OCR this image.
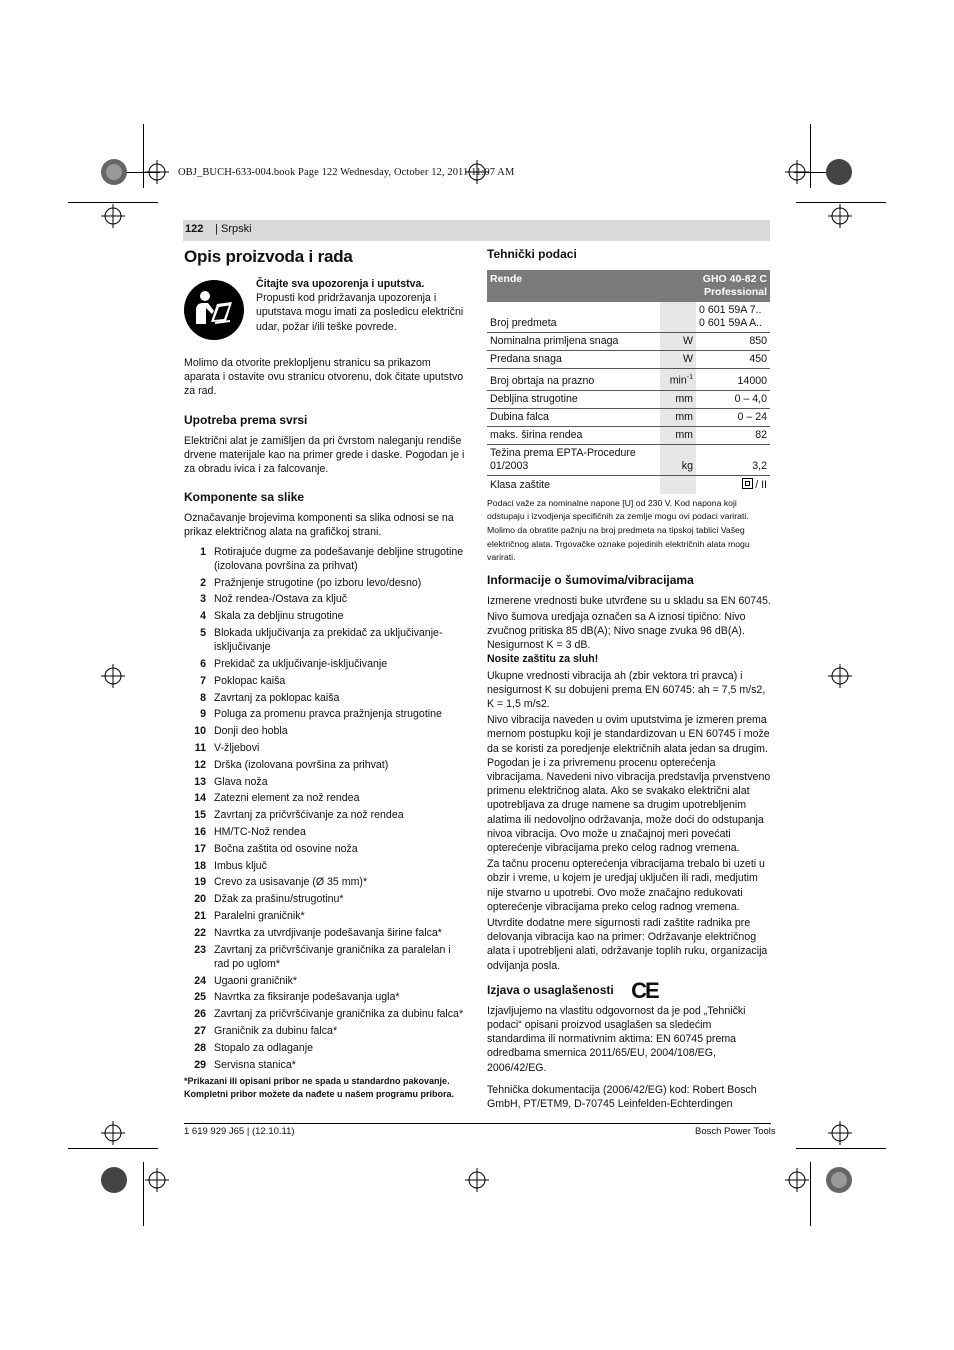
OBJ_BUCH-633-004.book Page 122 Wednesday, October 12, 2011 11:07 AM
122 | Srpski
Opis proizvoda i rada
Čitajte sva upozorenja i uputstva. Propusti kod pridržavanja upozorenja i uputstava mogu imati za posledicu električni udar, požar i/ili teške povrede.

Molimo da otvorite preklopljenu stranicu sa prikazom aparata i ostavite ovu stranicu otvorenu, dok čitate uputstvo za rad.

Upotreba prema svrsi

Električni alat je zamišljen da pri čvrstom naleganju rendiše drvene materijale kao na primer grede i daske. Pogodan je i za obradu ivica i za falcovanje.

Komponente sa slike

Označavanje brojevima komponenti sa slika odnosi se na prikaz električnog alata na grafičkoj strani.

1 Rotirajuće dugme za podešavanje debljine strugotine (izolovana površina za prihvat)
2 Pražnjenje strugotine (po izboru levo/desno)
3 Nož rendea-/Ostava za ključ
4 Skala za debljinu strugotine
5 Blokada uključivanja za prekidač za uključivanje-isključivanje
6 Prekidač za uključivanje-isključivanje
7 Poklopac kaiša
8 Zavrtanj za poklopac kaiša
9 Poluga za promenu pravca pražnjenja strugotine
10 Donji deo hobla
11 V-žljebovi
12 Drška (izolovana površina za prihvat)
13 Glava noža
14 Zatezni element za nož rendea
15 Zavrtanj za pričvršćivanje za nož rendea
16 HM/TC-Nož rendea
17 Bočna zaštita od osovine noža
18 Imbus ključ
19 Crevo za usisavanje (Ø 35 mm)*
20 Džak za prašinu/strugotinu*
21 Paralelni graničnik*
22 Navrtka za utvrdjivanje podešavanja širine falca*
23 Zavrtanj za pričvršćivanje graničnika za paralelan i rad po uglom*
24 Ugaoni graničnik*
25 Navrtka za fiksiranje podešavanja ugla*
26 Zavrtanj za pričvršćivanje graničnika za dubinu falca*
27 Graničnik za dubinu falca*
28 Stopalo za odlaganje
29 Servisna stanica*
*Prikazani ili opisani pribor ne spada u standardno pakovanje.
Kompletni pribor možete da nađete u našem programu pribora.
Tehnički podaci
Rende		GHO 40-82 C
Professional

Broj predmeta		0 601 59A 7..
0 601 59A A..
Nominalna primljena snaga	W	850
Predana snaga	W	450
Broj obrtaja na prazno	$\min^{-1}$	14000
Debljina strugotine	mm	0 – 4,0
Dubina falca	mm	0 – 24
maks. širina rendea	mm	82
Težina prema EPTA-Procedure 01/2003	kg	3,2
Klasa zaštite		/ II
Podaci važe za nominalne napone [U] od 230 V. Kod napona koji odstupaju i izvodjenja specifičnih za zemlje mogu ovi podaci varirati.
Molimo da obratite pažnju na broj predmeta na tipskoj tablici Vašeg električnog alata. Trgovačke oznake pojedinih električnih alata mogu varirati.
Informacije o šumovima/vibracijama

Izmerene vrednosti buke utvrđene su u skladu sa EN 60745.

Nivo šumova uredjaja označen sa A iznosi tipično: Nivo zvučnog pritiska 85 dB(A); Nivo snage zvuka 96 dB(A). Nesigurnost K = 3 dB.

Nosite zaštitu za sluh!

Ukupne vrednosti vibracija ah (zbir vektora tri pravca) i nesigurnost K su dobujeni prema EN 60745: ah = 7,5 m/s2, K = 1,5 m/s2.

Nivo vibracija naveden u ovim uputstvima je izmeren prema mernom postupku koji je standardizovan u EN 60745 i može da se koristi za poredjenje električnih alata jedan sa drugim. Pogodan je i za privremenu procenu opterećenja vibracijama. Navedeni nivo vibracija predstavlja prvenstveno primenu električnog alata. Ako se svakako električni alat upotrebljava za druge namene sa drugim upotrebljenim alatima ili nedovoljno održavanja, može doći do odstupanja nivoa vibracija. Ovo može u značajnoj meri povećati opterećenje vibracijama preko celog radnog vremena.

Za tačnu procenu opterećenja vibracijama trebalo bi uzeti u obzir i vreme, u kojem je uredjaj uključen ili radi, medjutim nije stvarno u upotrebi. Ovo može značajno redukovati opterećenje vibracijama preko celog radnog vremena.

Utvrdite dodatne mere sigurnosti radi zaštite radnika pre delovanja vibracija kao na primer: Održavanje električnog alata i upotrebljeni alati, održavanje toplih ruku, organizacija odvijanja posla.

Izjava o usaglašenosti CE

Izjavljujemo na vlastitu odgovornost da je pod „Tehnički podaci“ opisani proizvod usaglašen sa sledećim standardima ili normativnim aktima: EN 60745 prema odredbama smernica 2011/65/EU, 2004/108/EG, 2006/42/EG.

Tehnička dokumentacija (2006/42/EG) kod: Robert Bosch GmbH, PT/ETM9, D-70745 Leinfelden-Echterdingen

1 619 929 J65 | (12.10.11)	Bosch Power Tools
